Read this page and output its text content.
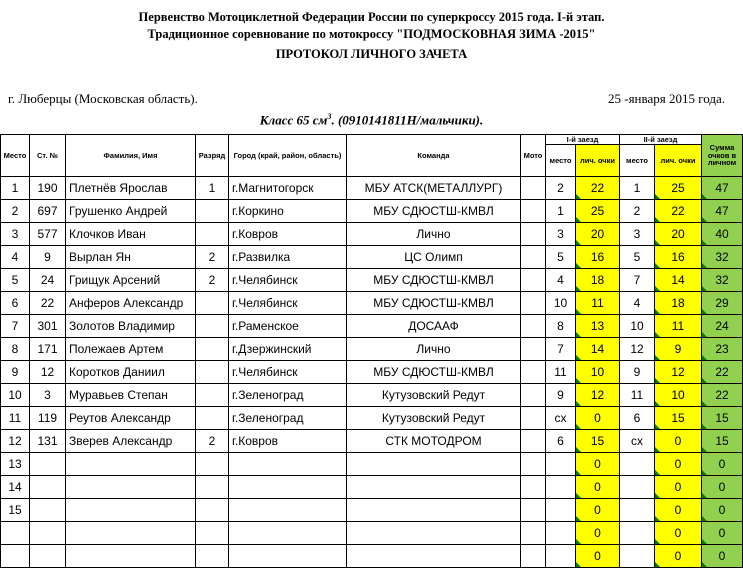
Первенство Мотоциклетной Федерации России по суперкроссу 2015 года. I-й этап.
Традиционное соревнование по мотокроссу "ПОДМОСКОВНАЯ ЗИМА -2015"
ПРОТОКОЛ ЛИЧНОГО ЗАЧЕТА
г. Люберцы (Московская область).	25 -января 2015 года.
Класс 65 $см^3$. (0910141811Н/мальчики).
Место	Ст. №	Фамилия, Имя	Разряд	Город (край, район, область)	Команда	Мото	I-й заезд		II-й заезд		Сумма очков в личном
							место	лич. очки	место	лич. очки	
1	190	Плетнёв Ярослав	1	г.Магнитогорск	МБУ АТСК(МЕТАЛЛУРГ)		2	22	1	25	47
2	697	Грушенко Андрей		г.Коркино	МБУ СДЮСТШ-КМВЛ		1	25	2	22	47
3	577	Клочков Иван		г.Ковров	Лично		3	20	3	20	40
4	9	Вырлан Ян	2	г.Развилка	ЦС Олимп		5	16	5	16	32
5	24	Грищук Арсений	2	г.Челябинск	МБУ СДЮСТШ-КМВЛ		4	18	7	14	32
6	22	Анферов Александр		г.Челябинск	МБУ СДЮСТШ-КМВЛ		10	11	4	18	29
7	301	Золотов Владимир		г.Раменское	ДОСААФ		8	13	10	11	24
8	171	Полежаев Артем		г.Дзержинский	Лично		7	14	12	9	23
9	12	Коротков Даниил		г.Челябинск	МБУ СДЮСТШ-КМВЛ		11	10	9	12	22
10	3	Муравьев Степан		г.Зеленоград	Кутузовский Редут		9	12	11	10	22
11	119	Реутов Александр		г.Зеленоград	Кутузовский Редут		сх	0	6	15	15
12	131	Зверев Александр	2	г.Ковров	СТК МОТОДРОМ		6	15	сх	0	15
13								0		0	0
14								0		0	0
15								0		0	0
								0		0	0
								0		0	0
